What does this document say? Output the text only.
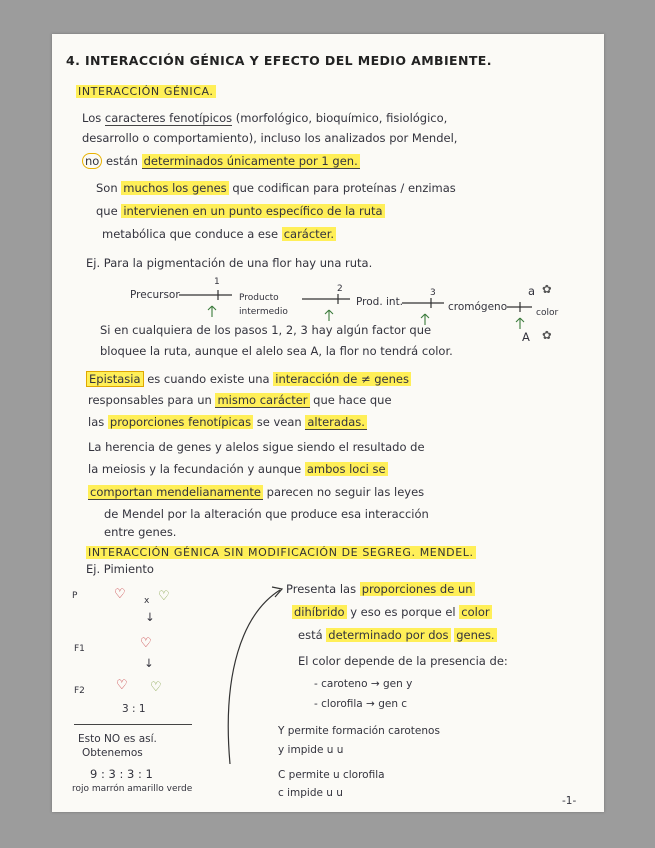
4. INTERACCIÓN GÉNICA Y EFECTO DEL MEDIO AMBIENTE.
INTERACCIÓN GÉNICA.
Los caracteres fenotípicos (morfológico, bioquímico, fisiológico,
desarrollo o comportamiento), incluso los analizados por Mendel,
no están determinados únicamente por 1 gen.
Son muchos los genes que codifican para proteínas / enzimas
que intervienen en un punto específico de la ruta
metabólica que conduce a ese carácter.
Ej. Para la pigmentación de una flor hay una ruta.
Precursor	Producto
intermedio
Prod. int.	cromógeno	color
1
2	3	a
A
✿
✿
Si en cualquiera de los pasos 1, 2, 3 hay algún factor que
bloquee la ruta, aunque el alelo sea A, la flor no tendrá color.
Epistasia es cuando existe una interacción de ≠ genes
responsables para un mismo carácter que hace que
las proporciones fenotípicas se vean alteradas.
La herencia de genes y alelos sigue siendo el resultado de
la meiosis y la fecundación y aunque ambos loci se
comportan mendelianamente parecen no seguir las leyes
de Mendel por la alteración que produce esa interacción
entre genes.
INTERACCIÓN GÉNICA SIN MODIFICACIÓN DE SEGREG. MENDEL.
Ej. Pimiento
P	♡ x ♡
↓
F1	♡
↓
F2 ♡ ♡
3 : 1
Esto NO es así.
Obtenemos
9 : 3 : 3 : 1
rojo marrón amarillo verde
Presenta las proporciones de un
dihíbrido y eso es porque el color
está determinado por dos genes.
El color depende de la presencia de:
- caroteno → gen y
- clorofila → gen c
Y permite formación carotenos
y impide u u
C permite u clorofila
c impide u u
-1-
